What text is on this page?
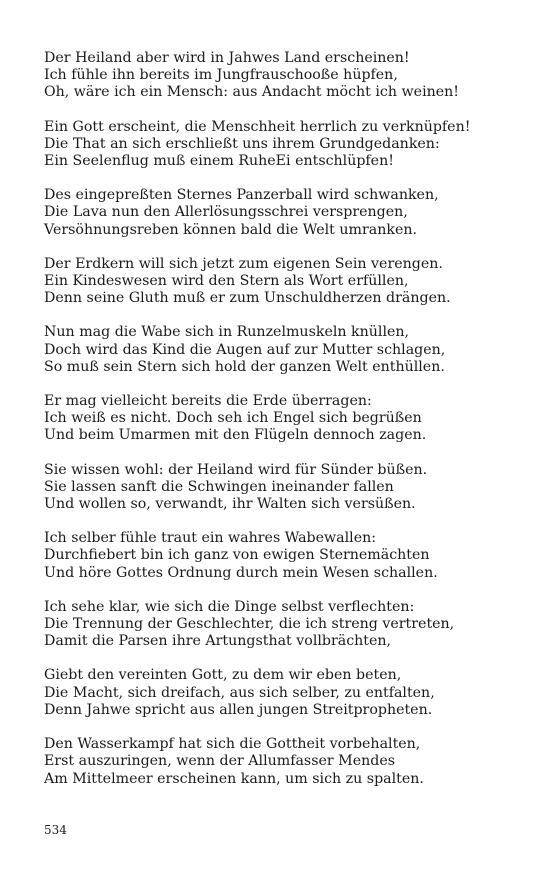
Der Heiland aber wird in Jahwes Land erscheinen!
Ich fühle ihn bereits im Jungfrauschooße hüpfen,
Oh, wäre ich ein Mensch: aus Andacht möcht ich weinen!
Ein Gott erscheint, die Menschheit herrlich zu verknüpfen!
Die That an sich erschließt uns ihrem Grundgedanken:
Ein Seelenflug muß einem RuheEi entschlüpfen!
Des eingepreßten Sternes Panzerball wird schwanken,
Die Lava nun den Allerlösungsschrei versprengen,
Versöhnungsreben können bald die Welt umranken.
Der Erdkern will sich jetzt zum eigenen Sein verengen.
Ein Kindeswesen wird den Stern als Wort erfüllen,
Denn seine Gluth muß er zum Unschuldherzen drängen.
Nun mag die Wabe sich in Runzelmuskeln knüllen,
Doch wird das Kind die Augen auf zur Mutter schlagen,
So muß sein Stern sich hold der ganzen Welt enthüllen.
Er mag vielleicht bereits die Erde überragen:
Ich weiß es nicht. Doch seh ich Engel sich begrüßen
Und beim Umarmen mit den Flügeln dennoch zagen.
Sie wissen wohl: der Heiland wird für Sünder büßen.
Sie lassen sanft die Schwingen ineinander fallen
Und wollen so, verwandt, ihr Walten sich versüßen.
Ich selber fühle traut ein wahres Wabewallen:
Durchfiebert bin ich ganz von ewigen Sternemächten
Und höre Gottes Ordnung durch mein Wesen schallen.
Ich sehe klar, wie sich die Dinge selbst verflechten:
Die Trennung der Geschlechter, die ich streng vertreten,
Damit die Parsen ihre Artungsthat vollbrächten,
Giebt den vereinten Gott, zu dem wir eben beten,
Die Macht, sich dreifach, aus sich selber, zu entfalten,
Denn Jahwe spricht aus allen jungen Streitpropheten.
Den Wasserkampf hat sich die Gottheit vorbehalten,
Erst auszuringen, wenn der Allumfasser Mendes
Am Mittelmeer erscheinen kann, um sich zu spalten.
534
